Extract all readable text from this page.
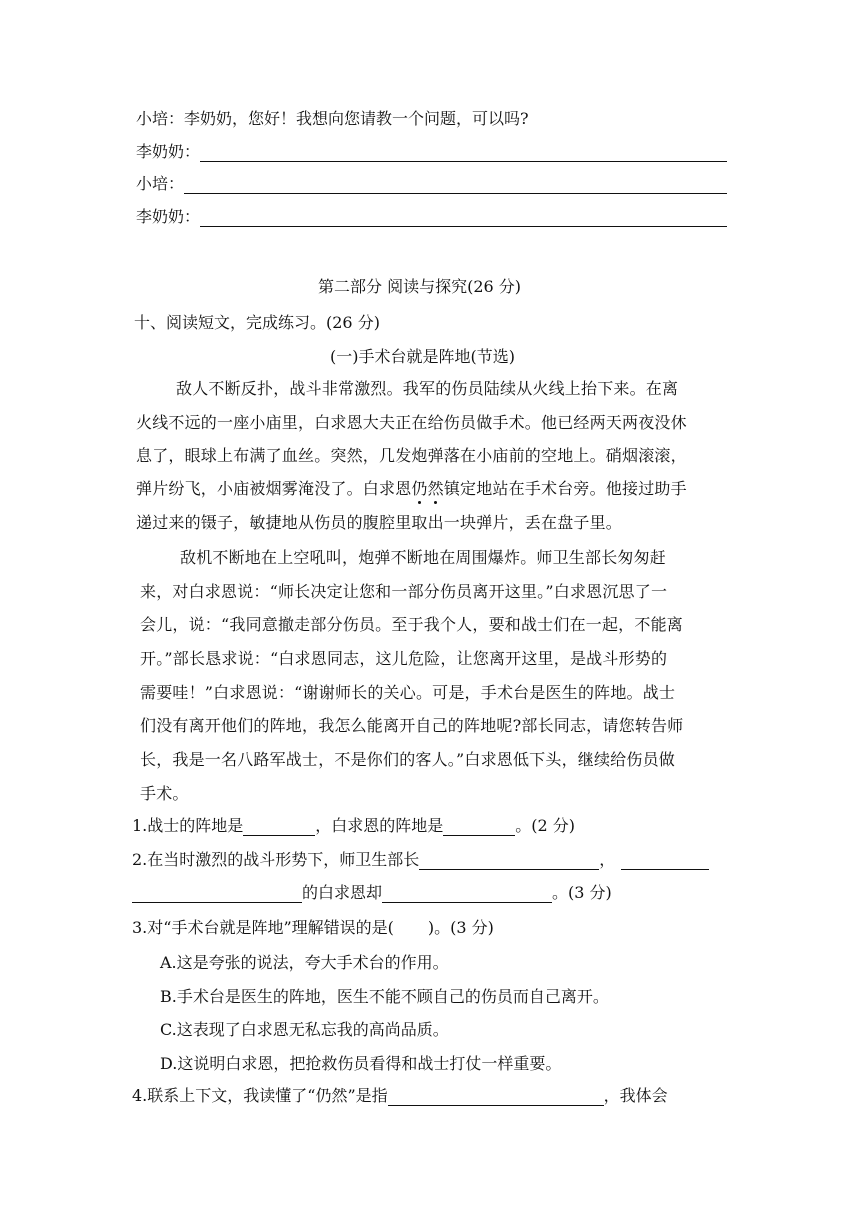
小培：李奶奶，您好！我想向您请教一个问题，可以吗?
李奶奶：
小培：
李奶奶：
第二部分 阅读与探究(26 分)
十、阅读短文，完成练习。(26 分)
(一)手术台就是阵地(节选)
敌人不断反扑，战斗非常激烈。我军的伤员陆续从火线上抬下来。在离
火线不远的一座小庙里，白求恩大夫正在给伤员做手术。他已经两天两夜没休
息了，眼球上布满了血丝。突然，几发炮弹落在小庙前的空地上。硝烟滚滚，
弹片纷飞，小庙被烟雾淹没了。白求恩仍然镇定地站在手术台旁。他接过助手
递过来的镊子，敏捷地从伤员的腹腔里取出一块弹片，丢在盘子里。
敌机不断地在上空吼叫，炮弹不断地在周围爆炸。师卫生部长匆匆赶
来，对白求恩说：“师长决定让您和一部分伤员离开这里。”白求恩沉思了一
会儿，说：“我同意撤走部分伤员。至于我个人，要和战士们在一起，不能离
开。”部长恳求说：“白求恩同志，这儿危险，让您离开这里，是战斗形势的
需要哇！”白求恩说：“谢谢师长的关心。可是，手术台是医生的阵地。战士
们没有离开他们的阵地，我怎么能离开自己的阵地呢?部长同志，请您转告师
长，我是一名八路军战士，不是你们的客人。”白求恩低下头，继续给伤员做
手术。
1.战士的阵地是	，白求恩的阵地是	。(2 分)
2.在当时激烈的战斗形势下，师卫生部长	，
的白求恩却	。(3 分)
3.对“手术台就是阵地”理解错误的是( )。(3 分)
A.这是夸张的说法，夸大手术台的作用。
B.手术台是医生的阵地，医生不能不顾自己的伤员而自己离开。
C.这表现了白求恩无私忘我的高尚品质。
D.这说明白求恩，把抢救伤员看得和战士打仗一样重要。
4.联系上下文，我读懂了“仍然”是指	，我体会
